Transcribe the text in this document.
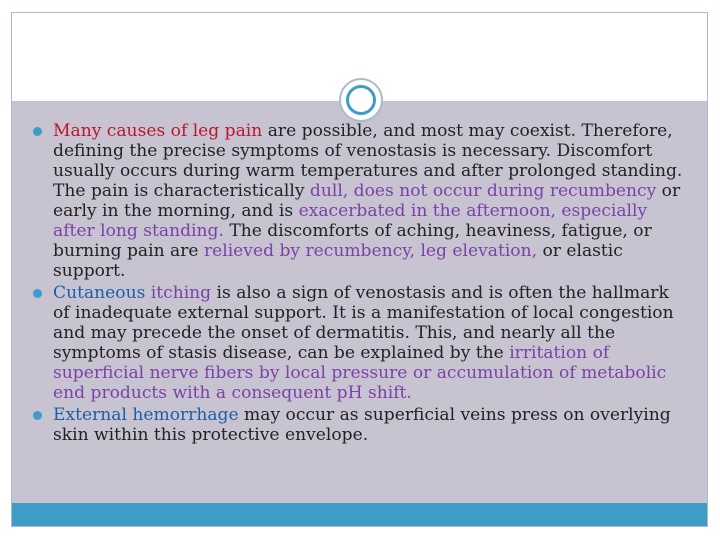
Many causes of leg pain are possible, and most may coexist. Therefore, defining the precise symptoms of venostasis is necessary. Discomfort usually occurs during warm temperatures and after prolonged standing. The pain is characteristically dull, does not occur during recumbency or early in the morning, and is exacerbated in the afternoon, especially after long standing. The discomforts of aching, heaviness, fatigue, or burning pain are relieved by recumbency, leg elevation, or elastic support.
Cutaneous itching is also a sign of venostasis and is often the hallmark of inadequate external support. It is a manifestation of local congestion and may precede the onset of dermatitis. This, and nearly all the symptoms of stasis disease, can be explained by the irritation of superficial nerve fibers by local pressure or accumulation of metabolic end products with a consequent pH shift.
External hemorrhage may occur as superficial veins press on overlying skin within this protective envelope.
